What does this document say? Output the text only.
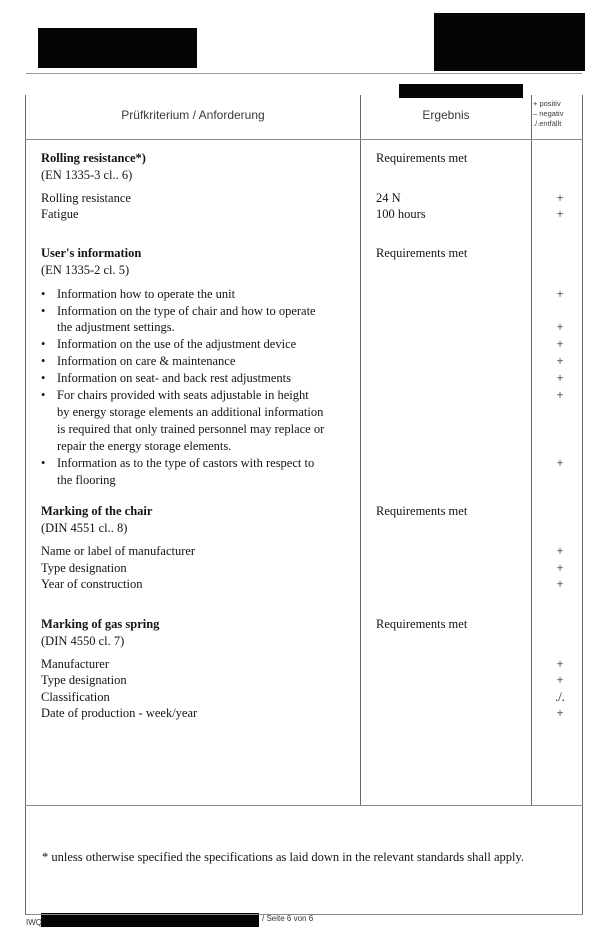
Prüfkriterium / Anforderung	Ergebnis
+ positiv
– negativ
./.entfällt
Rolling resistance*)
(EN 1335-3 cl.. 6)
Requirements met
Rolling resistance	24 N	+
Fatigue	100 hours	+
User's information
(EN 1335-2 cl. 5)
Requirements met
• Information how to operate the unit	+
• Information on the type of chair and how to operate
the adjustment settings.	+
• Information on the use of the adjustment device	+
• Information on care & maintenance	+
• Information on seat- and back rest adjustments	+
• For chairs provided with seats adjustable in height
by energy storage elements an additional information
is required that only trained personnel may replace or
repair the energy storage elements.
+
• Information as to the type of castors with respect to
the flooring
+
Marking of the chair
(DIN 4551 cl.. 8)
Requirements met
Name or label of manufacturer	+
Type designation	+
Year of construction	+
Marking of gas spring
(DIN 4550 cl. 7)
Requirements met
Manufacturer	+
Type designation	+
Classification	./.
Date of production - week/year	+
* unless otherwise specified the specifications as laid down in the relevant standards shall apply.
IWQ	/ Seite 6 von 6
